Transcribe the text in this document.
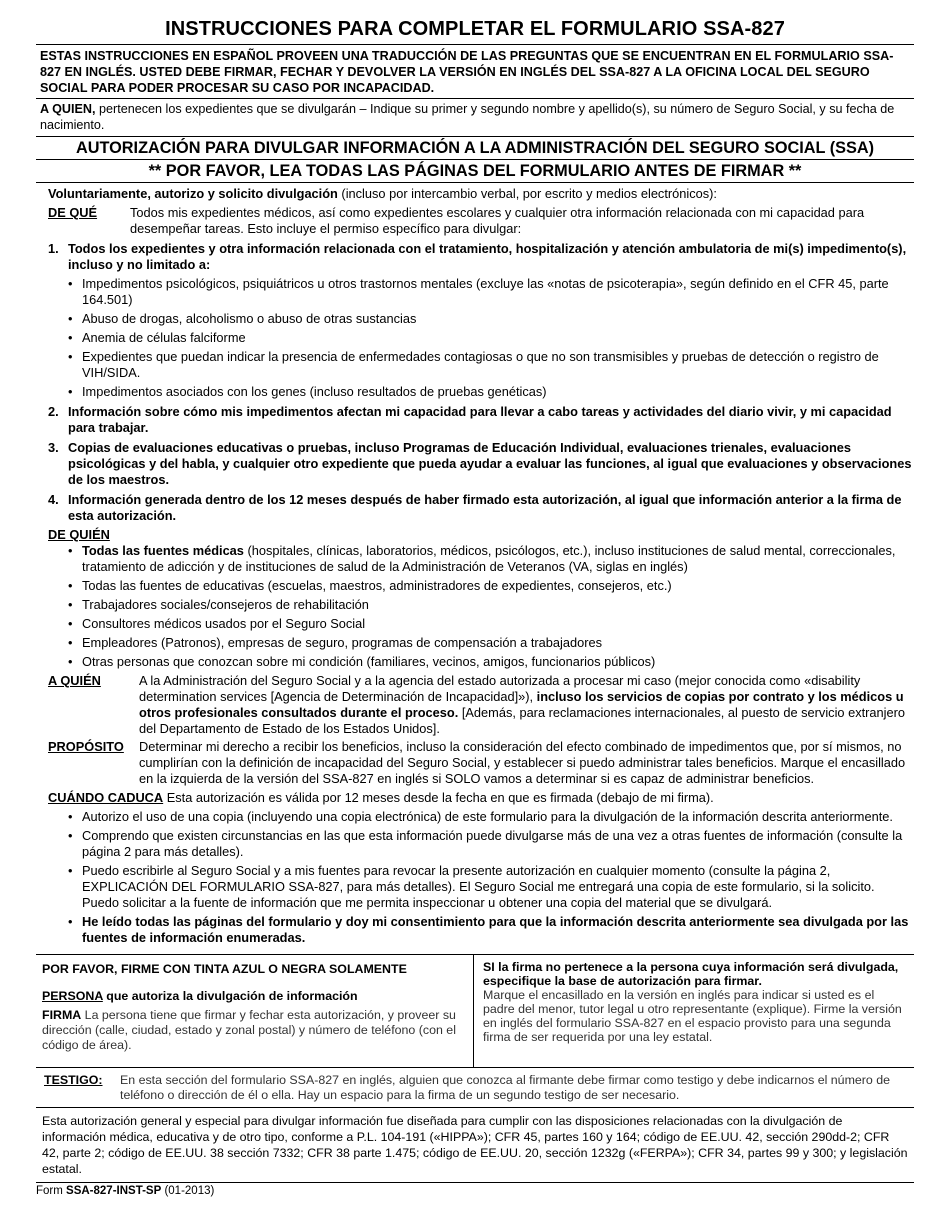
INSTRUCCIONES PARA COMPLETAR EL FORMULARIO SSA-827
ESTAS INSTRUCCIONES EN ESPAÑOL PROVEEN UNA TRADUCCIÓN DE LAS PREGUNTAS QUE SE ENCUENTRAN EN EL FORMULARIO SSA-827 EN INGLÉS. USTED DEBE FIRMAR, FECHAR Y DEVOLVER LA VERSIÓN EN INGLÉS DEL SSA-827 A LA OFICINA LOCAL DEL SEGURO SOCIAL PARA PODER PROCESAR SU CASO POR INCAPACIDAD.
A QUIEN, pertenecen los expedientes que se divulgarán – Indique su primer y segundo nombre y apellido(s), su número de Seguro Social, y su fecha de nacimiento.
AUTORIZACIÓN PARA DIVULGAR INFORMACIÓN A LA ADMINISTRACIÓN DEL SEGURO SOCIAL (SSA)
** POR FAVOR, LEA TODAS LAS PÁGINAS DEL FORMULARIO ANTES DE FIRMAR **
Voluntariamente, autorizo y solicito divulgación (incluso por intercambio verbal, por escrito y medios electrónicos):
DE QUÉ	Todos mis expedientes médicos, así como expedientes escolares y cualquier otra información relacionada con mi capacidad para desempeñar tareas. Esto incluye el permiso específico para divulgar:
1. Todos los expedientes y otra información relacionada con el tratamiento, hospitalización y atención ambulatoria de mi(s) impedimento(s), incluso y no limitado a:
• Impedimentos psicológicos, psiquiátricos u otros trastornos mentales (excluye las «notas de psicoterapia», según definido en el CFR 45, parte 164.501)
• Abuso de drogas, alcoholismo o abuso de otras sustancias
• Anemia de células falciforme
• Expedientes que puedan indicar la presencia de enfermedades contagiosas o que no son transmisibles y pruebas de detección o registro de VIH/SIDA.
• Impedimentos asociados con los genes (incluso resultados de pruebas genéticas)
2. Información sobre cómo mis impedimentos afectan mi capacidad para llevar a cabo tareas y actividades del diario vivir, y mi capacidad para trabajar.
3. Copias de evaluaciones educativas o pruebas, incluso Programas de Educación Individual, evaluaciones trienales, evaluaciones psicológicas y del habla, y cualquier otro expediente que pueda ayudar a evaluar las funciones, al igual que evaluaciones y observaciones de los maestros.
4. Información generada dentro de los 12 meses después de haber firmado esta autorización, al igual que información anterior a la firma de esta autorización.
DE QUIÉN
• Todas las fuentes médicas (hospitales, clínicas, laboratorios, médicos, psicólogos, etc.), incluso instituciones de salud mental, correccionales, tratamiento de adicción y de instituciones de salud de la Administración de Veteranos (VA, siglas en inglés)
• Todas las fuentes de educativas (escuelas, maestros, administradores de expedientes, consejeros, etc.)
• Trabajadores sociales/consejeros de rehabilitación
• Consultores médicos usados por el Seguro Social
• Empleadores (Patronos), empresas de seguro, programas de compensación a trabajadores
• Otras personas que conozcan sobre mi condición (familiares, vecinos, amigos, funcionarios públicos)
A QUIÉN	A la Administración del Seguro Social y a la agencia del estado autorizada a procesar mi caso (mejor conocida como «disability determination services [Agencia de Determinación de Incapacidad]»), incluso los servicios de copias por contrato y los médicos u otros profesionales consultados durante el proceso. [Además, para reclamaciones internacionales, al puesto de servicio extranjero del Departamento de Estado de los Estados Unidos].
PROPÓSITO	Determinar mi derecho a recibir los beneficios, incluso la consideración del efecto combinado de impedimentos que, por sí mismos, no cumplirían con la definición de incapacidad del Seguro Social, y establecer si puedo administrar tales beneficios. Marque el encasillado en la izquierda de la versión del SSA-827 en inglés si SOLO vamos a determinar si es capaz de administrar beneficios.
CUÁNDO CADUCA Esta autorización es válida por 12 meses desde la fecha en que es firmada (debajo de mi firma).
• Autorizo el uso de una copia (incluyendo una copia electrónica) de este formulario para la divulgación de la información descrita anteriormente.
• Comprendo que existen circunstancias en las que esta información puede divulgarse más de una vez a otras fuentes de información (consulte la página 2 para más detalles).
• Puedo escribirle al Seguro Social y a mis fuentes para revocar la presente autorización en cualquier momento (consulte la página 2, EXPLICACIÓN DEL FORMULARIO SSA-827, para más detalles). El Seguro Social me entregará una copia de este formulario, si la solicito. Puedo solicitar a la fuente de información que me permita inspeccionar u obtener una copia del material que se divulgará.
• He leído todas las páginas del formulario y doy mi consentimiento para que la información descrita anteriormente sea divulgada por las fuentes de información enumeradas.
POR FAVOR, FIRME CON TINTA AZUL O NEGRA SOLAMENTE
PERSONA que autoriza la divulgación de información
FIRMA La persona tiene que firmar y fechar esta autorización, y proveer su dirección (calle, ciudad, estado y zonal postal) y número de teléfono (con el código de área).
SI la firma no pertenece a la persona cuya información será divulgada, especifique la base de autorización para firmar.
Marque el encasillado en la versión en inglés para indicar si usted es el padre del menor, tutor legal u otro representante (explique). Firme la versión en inglés del formulario SSA-827 en el espacio provisto para una segunda firma de ser requerida por una ley estatal.
TESTIGO:	En esta sección del formulario SSA-827 en inglés, alguien que conozca al firmante debe firmar como testigo y debe indicarnos el número de teléfono o dirección de él o ella. Hay un espacio para la firma de un segundo testigo de ser necesario.
Esta autorización general y especial para divulgar información fue diseñada para cumplir con las disposiciones relacionadas con la divulgación de información médica, educativa y de otro tipo, conforme a P.L. 104-191 («HIPPA»); CFR 45, partes 160 y 164; código de EE.UU. 42, sección 290dd-2; CFR 42, parte 2; código de EE.UU. 38 sección 7332; CFR 38 parte 1.475; código de EE.UU. 20, sección 1232g («FERPA»); CFR 34, partes 99 y 300; y legislación estatal.
Form SSA-827-INST-SP (01-2013)
